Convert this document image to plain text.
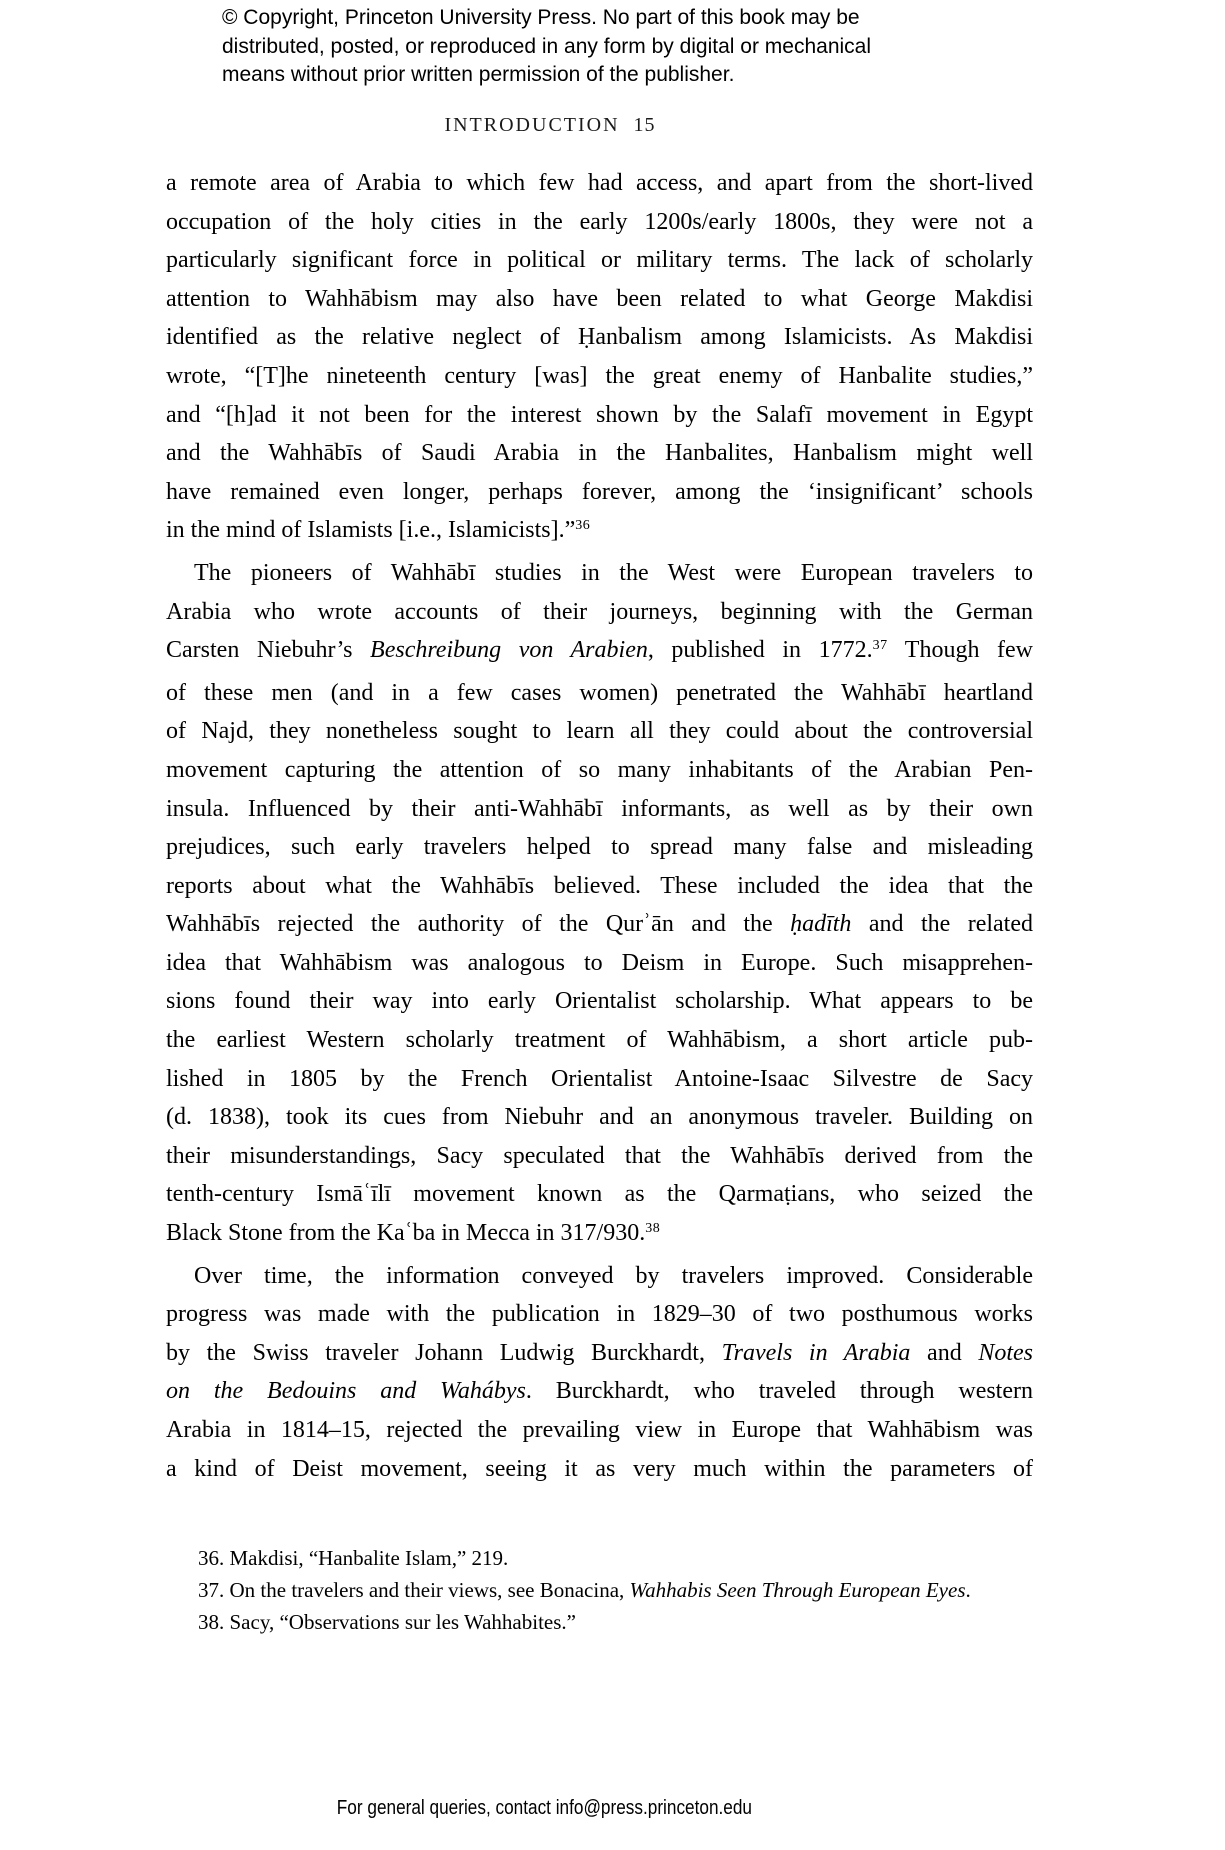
© Copyright, Princeton University Press. No part of this book may be
distributed, posted, or reproduced in any form by digital or mechanical
means without prior written permission of the publisher.
INTRODUCTION 15
a remote area of Arabia to which few had access, and apart from the short-lived
occupation of the holy cities in the early 1200s/early 1800s, they were not a
particularly significant force in political or military terms. The lack of scholarly
attention to Wahhābism may also have been related to what George Makdisi
identified as the relative neglect of Ḥanbalism among Islamicists. As Makdisi
wrote, “[T]he nineteenth century [was] the great enemy of Hanbalite studies,”
and “[h]ad it not been for the interest shown by the Salafī movement in Egypt
and the Wahhābīs of Saudi Arabia in the Hanbalites, Hanbalism might well
have remained even longer, perhaps forever, among the ‘insignificant’ schools
in the mind of Islamists [i.e., Islamicists].”$^{36}$
The pioneers of Wahhābī studies in the West were European travelers to
Arabia who wrote accounts of their journeys, beginning with the German
Carsten Niebuhr’s Beschreibung von Arabien, published in 1772.37 Though few
of these men (and in a few cases women) penetrated the Wahhābī heartland
of Najd, they nonetheless sought to learn all they could about the controversial
movement capturing the attention of so many inhabitants of the Arabian Pen-
insula. Influenced by their anti-Wahhābī informants, as well as by their own
prejudices, such early travelers helped to spread many false and misleading
reports about what the Wahhābīs believed. These included the idea that the
Wahhābīs rejected the authority of the Qurʾān and the ḥadīth and the related
idea that Wahhābism was analogous to Deism in Europe. Such misapprehen-
sions found their way into early Orientalist scholarship. What appears to be
the earliest Western scholarly treatment of Wahhābism, a short article pub-
lished in 1805 by the French Orientalist Antoine-Isaac Silvestre de Sacy
(d. 1838), took its cues from Niebuhr and an anonymous traveler. Building on
their misunderstandings, Sacy speculated that the Wahhābīs derived from the
tenth-century Ismāʿīlī movement known as the Qarmaṭians, who seized the
Black Stone from the Kaʿba in Mecca in 317/930.38
Over time, the information conveyed by travelers improved. Considerable
progress was made with the publication in 1829–30 of two posthumous works
by the Swiss traveler Johann Ludwig Burckhardt, Travels in Arabia and Notes
on the Bedouins and Wahábys. Burckhardt, who traveled through western
Arabia in 1814–15, rejected the prevailing view in Europe that Wahhābism was
a kind of Deist movement, seeing it as very much within the parameters of
36. Makdisi, “Hanbalite Islam,” 219.
37. On the travelers and their views, see Bonacina, Wahhabis Seen Through European Eyes.
38. Sacy, “Observations sur les Wahhabites.”
For general queries, contact info@press.princeton.edu
